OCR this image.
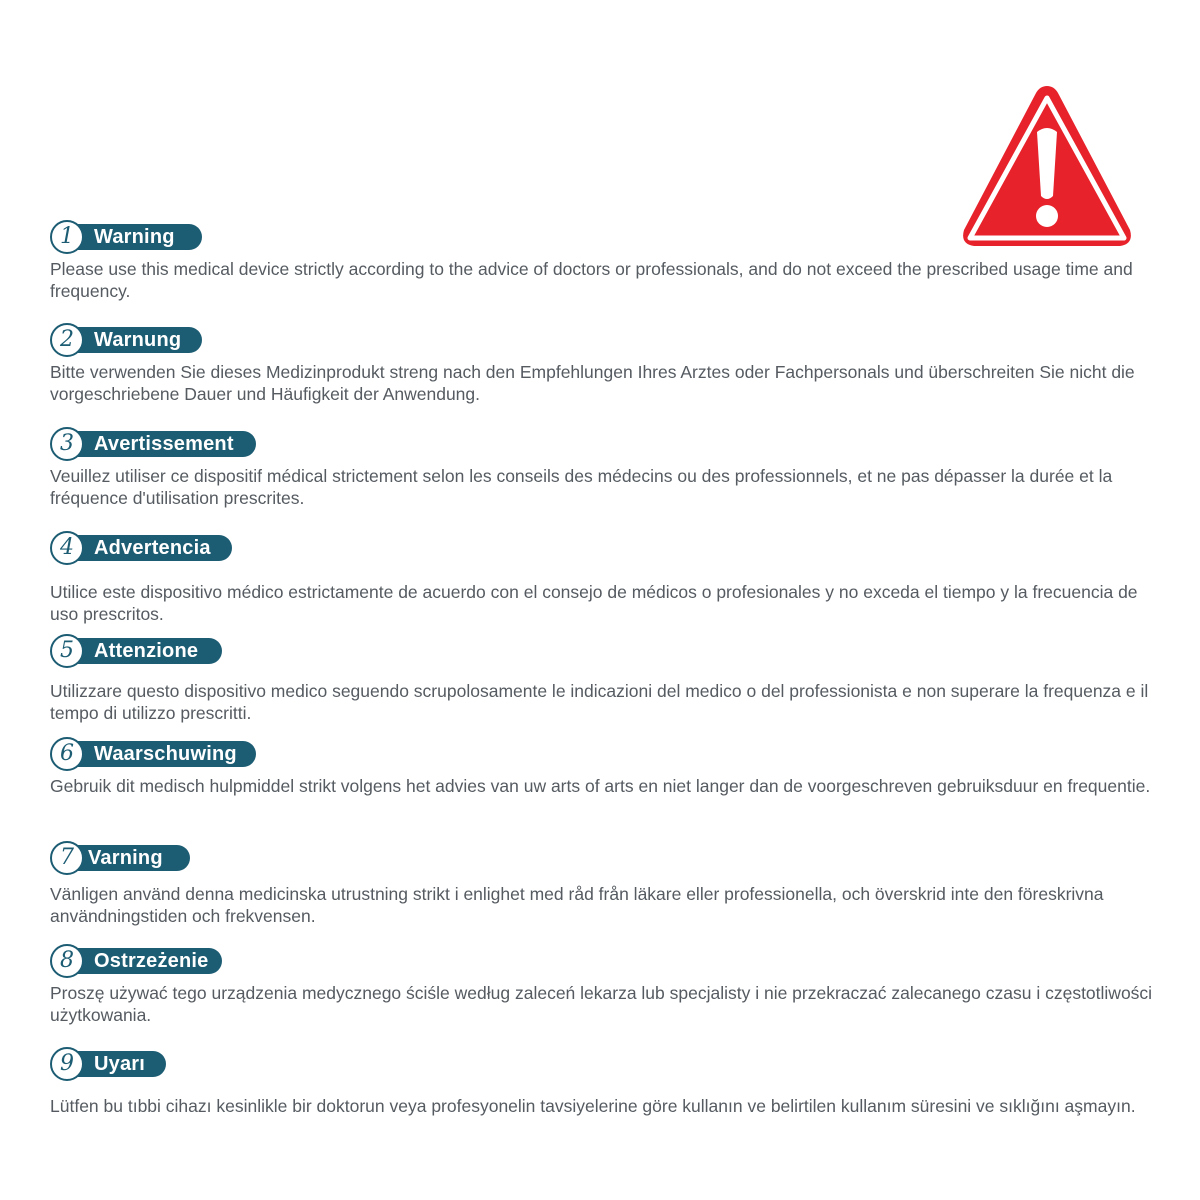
1	Warning

Please use this medical device strictly according to the advice of doctors or professionals, and do not exceed the prescribed usage time and frequency.

2	Warnung

Bitte verwenden Sie dieses Medizinprodukt streng nach den Empfehlungen Ihres Arztes oder Fachpersonals und überschreiten Sie nicht die vorgeschriebene Dauer und Häufigkeit der Anwendung.

3	Avertissement

Veuillez utiliser ce dispositif médical strictement selon les conseils des médecins ou des professionnels, et ne pas dépasser la durée et la fréquence d'utilisation prescrites.

4	Advertencia

Utilice este dispositivo médico estrictamente de acuerdo con el consejo de médicos o profesionales y no exceda el tiempo y la frecuencia de uso prescritos.

5	Attenzione

Utilizzare questo dispositivo medico seguendo scrupolosamente le indicazioni del medico o del professionista e non superare la frequenza e il tempo di utilizzo prescritti.

6	Waarschuwing

Gebruik dit medisch hulpmiddel strikt volgens het advies van uw arts of arts en niet langer dan de voorgeschreven gebruiksduur en frequentie.

7 Varning

Vänligen använd denna medicinska utrustning strikt i enlighet med råd från läkare eller professionella, och överskrid inte den föreskrivna användningstiden och frekvensen.

8	Ostrzeżenie

Proszę używać tego urządzenia medycznego ściśle według zaleceń lekarza lub specjalisty i nie przekraczać zalecanego czasu i częstotliwości użytkowania.

9	Uyarı

Lütfen bu tıbbi cihazı kesinlikle bir doktorun veya profesyonelin tavsiyelerine göre kullanın ve belirtilen kullanım süresini ve sıklığını aşmayın.
